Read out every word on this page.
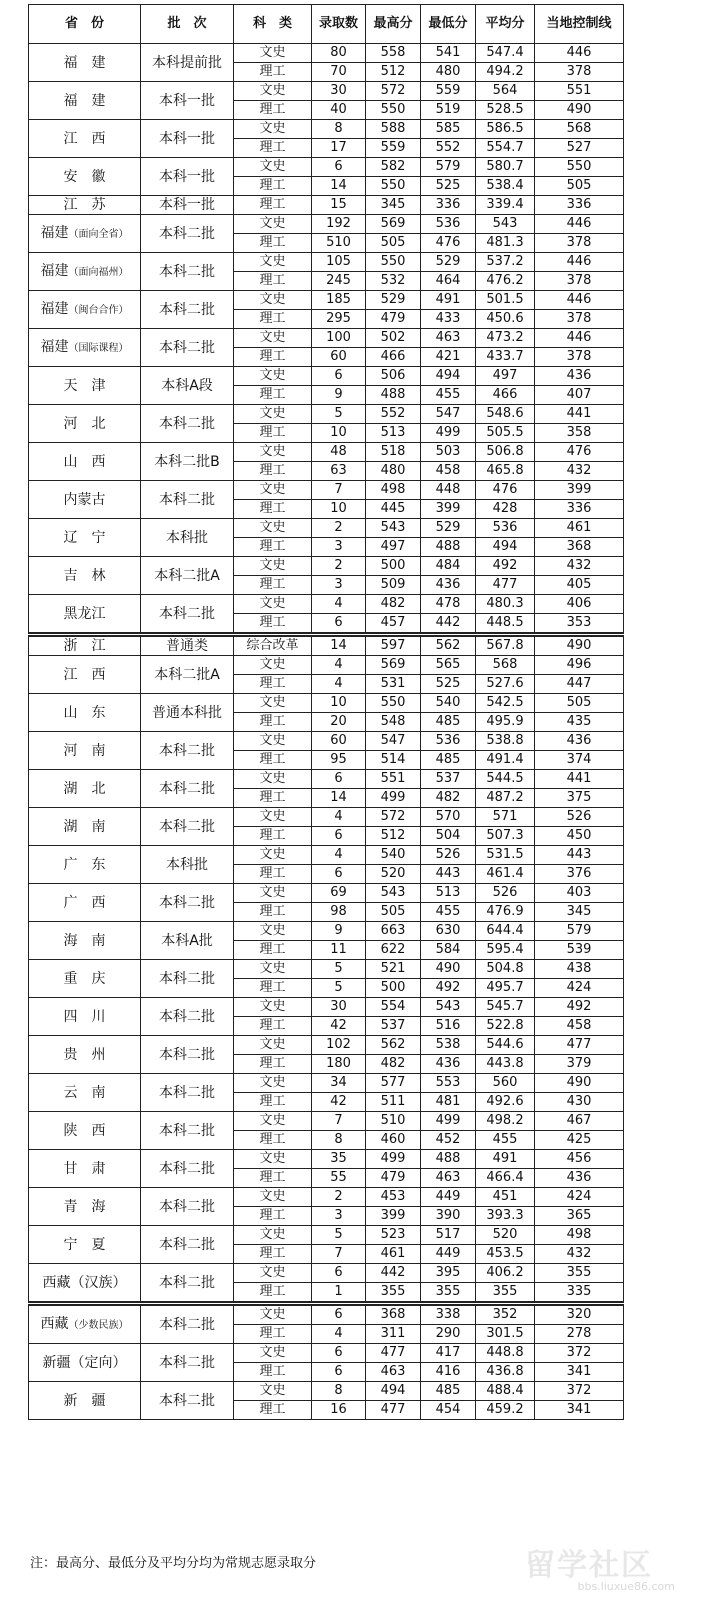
省　份	批　次	科　类	录取数	最高分	最低分	平均分	当地控制线
福　建	本科提前批	文史	80	558	541	547.4	446
		理工	70	512	480	494.2	378
福　建	本科一批	文史	30	572	559	564	551
		理工	40	550	519	528.5	490
江　西	本科一批	文史	8	588	585	586.5	568
		理工	17	559	552	554.7	527
安　徽	本科一批	文史	6	582	579	580.7	550
		理工	14	550	525	538.4	505
江　苏	本科一批	理工	15	345	336	339.4	336
福建（面向全省）	本科二批	文史	192	569	536	543	446
		理工	510	505	476	481.3	378
福建（面向福州）	本科二批	文史	105	550	529	537.2	446
		理工	245	532	464	476.2	378
福建（闽台合作）	本科二批	文史	185	529	491	501.5	446
		理工	295	479	433	450.6	378
福建（国际课程）	本科二批	文史	100	502	463	473.2	446
		理工	60	466	421	433.7	378
天　津	本科A段	文史	6	506	494	497	436
		理工	9	488	455	466	407
河　北	本科二批	文史	5	552	547	548.6	441
		理工	10	513	499	505.5	358
山　西	本科二批B	文史	48	518	503	506.8	476
		理工	63	480	458	465.8	432
内蒙古	本科二批	文史	7	498	448	476	399
		理工	10	445	399	428	336
辽　宁	本科批	文史	2	543	529	536	461
		理工	3	497	488	494	368
吉　林	本科二批A	文史	2	500	484	492	432
		理工	3	509	436	477	405
黑龙江	本科二批	文史	4	482	478	480.3	406
		理工	6	457	442	448.5	353
浙　江	普通类	综合改革	14	597	562	567.8	490
江　西	本科二批A	文史	4	569	565	568	496
		理工	4	531	525	527.6	447
山　东	普通本科批	文史	10	550	540	542.5	505
		理工	20	548	485	495.9	435
河　南	本科二批	文史	60	547	536	538.8	436
		理工	95	514	485	491.4	374
湖　北	本科二批	文史	6	551	537	544.5	441
		理工	14	499	482	487.2	375
湖　南	本科二批	文史	4	572	570	571	526
		理工	6	512	504	507.3	450
广　东	本科批	文史	4	540	526	531.5	443
		理工	6	520	443	461.4	376
广　西	本科二批	文史	69	543	513	526	403
		理工	98	505	455	476.9	345
海　南	本科A批	文史	9	663	630	644.4	579
		理工	11	622	584	595.4	539
重　庆	本科二批	文史	5	521	490	504.8	438
		理工	5	500	492	495.7	424
四　川	本科二批	文史	30	554	543	545.7	492
		理工	42	537	516	522.8	458
贵　州	本科二批	文史	102	562	538	544.6	477
		理工	180	482	436	443.8	379
云　南	本科二批	文史	34	577	553	560	490
		理工	42	511	481	492.6	430
陕　西	本科二批	文史	7	510	499	498.2	467
		理工	8	460	452	455	425
甘　肃	本科二批	文史	35	499	488	491	456
		理工	55	479	463	466.4	436
青　海	本科二批	文史	2	453	449	451	424
		理工	3	399	390	393.3	365
宁　夏	本科二批	文史	5	523	517	520	498
		理工	7	461	449	453.5	432
西藏（汉族）	本科二批	文史	6	442	395	406.2	355
		理工	1	355	355	355	335
西藏（少数民族）	本科二批	文史	6	368	338	352	320
		理工	4	311	290	301.5	278
新疆（定向）	本科二批	文史	6	477	417	448.8	372
		理工	6	463	416	436.8	341
新　疆	本科二批	文史	8	494	485	488.4	372
		理工	16	477	454	459.2	341
注：最高分、最低分及平均分均为常规志愿录取分	留学社区
bbs.liuxue86.com
